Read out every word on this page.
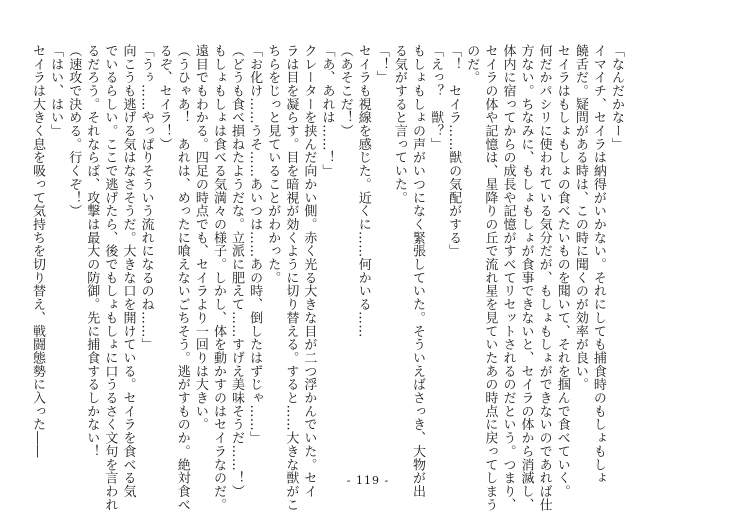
「なんだかなー」
イマイチ、セイラは納得がいかない。それにしても捕食時のもしょもしょ
饒舌だ。疑問がある時は、この時に聞くのが効率が良い。
セイラはもしょもしょの食べたいものを聞いて、それを掴んで食べていく。
何だかパシリに使われている気分だが、もしょもしょができないのであれば仕
方ない。ちなみに、もしょもしょが食事できないと、セイラの体から消滅し、
体内に宿ってからの成長や記憶がすべてリセットされるのだという。つまり、
セイラの体や記憶は、星降りの丘で流れ星を見ていたあの時点に戻ってしまう
のだ。
「！　セイラ……獣の気配がする」
「えっ？　獣？」
もしょもしょの声がいつになく緊張していた。そういえばさっき、大物が出
る気がすると言っていた。
「！」
セイラも視線を感じた。近くに……何かいる……
（あそこだ！）
「あ、あれは……！」
クレーターを挟んだ向かい側。赤く光る大きな目が二つ浮かんでいた。セイ
ラは目を凝らす。目を暗視が効くように切り替える。すると……大きな獣がこ
ちらをじっと見ていることがわかった。
「お化け……うそ……あいつは……あの時、倒したはずじゃ……」
（どうも食べ損ねたようだな。立派に肥えて……すげえ美味そうだ……！）
もしょもしょは食べる気満々の様子。しかし、体を動かすのはセイラなのだ。
遠目でもわかる。四足の時点でも、セイラより一回りは大きい。
（うひゃあ！　あれは、めったに喰えないごちそう。逃がすものか。絶対食べ
るぞ、セイラ！）
「うぅ……やっぱりそういう流れになるのね……」
向こうも逃げる気はなさそうだ。大きな口を開けている。セイラを食べる気
でいるらしい。ここで逃げたら、後でもしょもしょに口うるさく文句を言われ
るだろう。それならば、攻撃は最大の防御。先に捕食するしかない！
（速攻で決める。行くぞ！）
「はい、はい」
セイラは大きく息を吸って気持ちを切り替え、戦闘態勢に入った――
- 119 -
